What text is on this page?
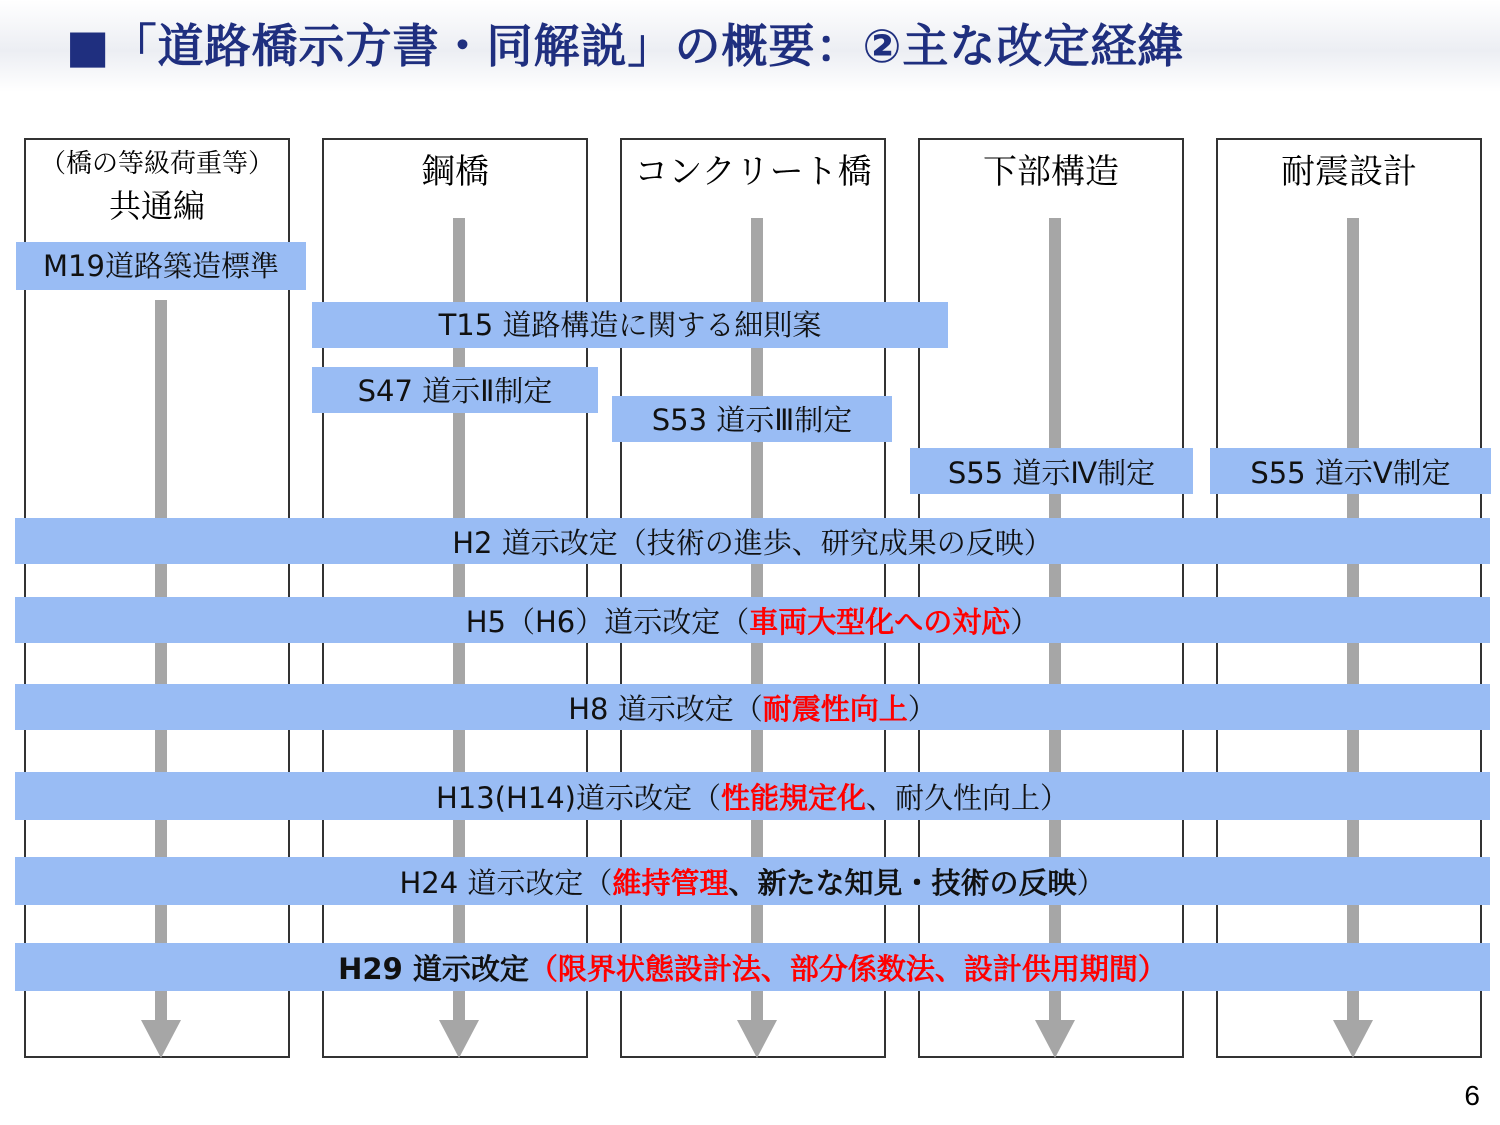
■「道路橋示方書・同解説」の概要：②主な改定経緯
（橋の等級荷重等）
共通編
鋼橋	コンクリート橋	下部構造	耐震設計
M19道路築造標準
T15 道路構造に関する細則案
S47 道示Ⅱ制定
S53 道示Ⅲ制定
S55 道示Ⅳ制定	S55 道示Ⅴ制定
H2 道示改定（技術の進歩、研究成果の反映）
H5（H6）道示改定（車両大型化への対応）
H8 道示改定（耐震性向上）
H13(H14)道示改定（性能規定化、耐久性向上）
H24 道示改定（維持管理、新たな知見・技術の反映）
H29 道示改定（限界状態設計法、部分係数法、設計供用期間）
6
